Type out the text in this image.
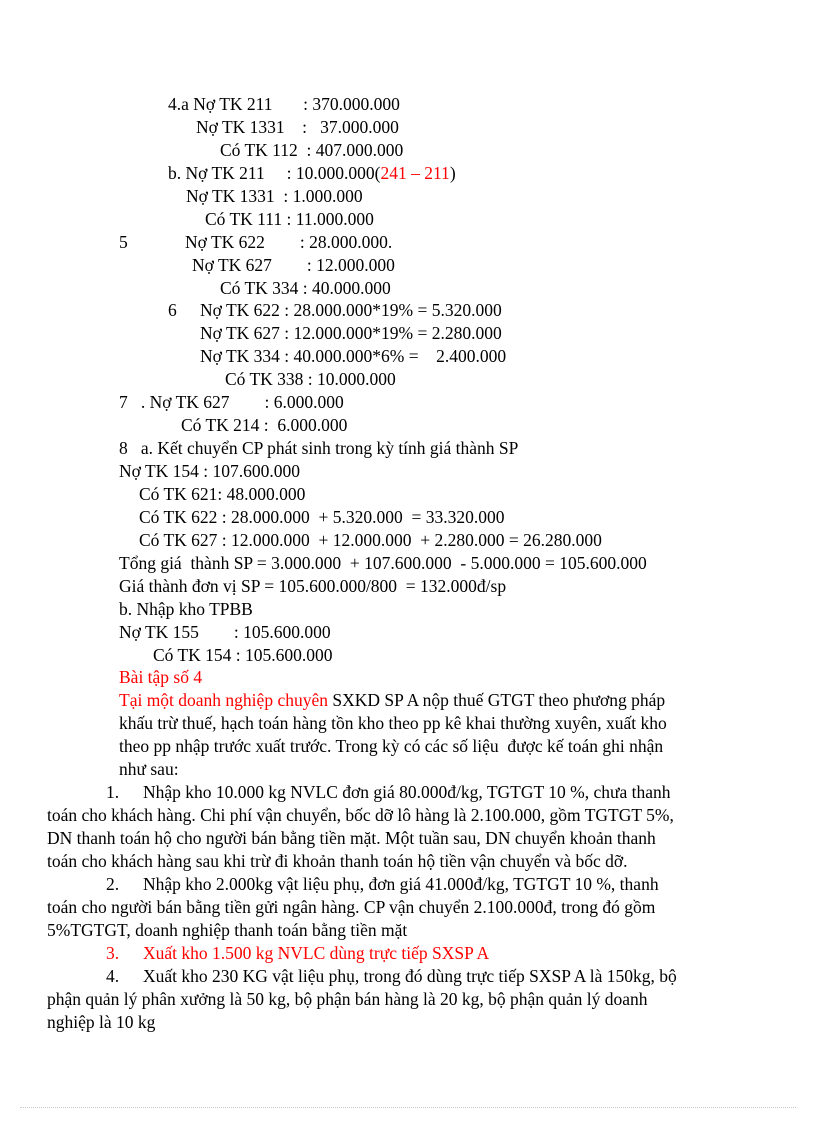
4.a Nợ TK 211       : 370.000.000
Nợ TK 1331    :   37.000.000
Có TK 112  : 407.000.000
b. Nợ TK 211     : 10.000.000(241 – 211)
Nợ TK 1331  : 1.000.000
Có TK 111 : 11.000.000
5	Nợ TK 622        : 28.000.000.
Nợ TK 627        : 12.000.000
Có TK 334 : 40.000.000
6 Nợ TK 622 : 28.000.000*19% = 5.320.000
Nợ TK 627 : 12.000.000*19% = 2.280.000
Nợ TK 334 : 40.000.000*6% =    2.400.000
Có TK 338 : 10.000.000
7   . Nợ TK 627        : 6.000.000
Có TK 214 :  6.000.000
8   a. Kết chuyển CP phát sinh trong kỳ tính giá thành SP
Nợ TK 154 : 107.600.000
Có TK 621: 48.000.000
Có TK 622 : 28.000.000  + 5.320.000  = 33.320.000
Có TK 627 : 12.000.000  + 12.000.000  + 2.280.000 = 26.280.000
Tổng giá  thành SP = 3.000.000  + 107.600.000  - 5.000.000 = 105.600.000
Giá thành đơn vị SP = 105.600.000/800  = 132.000đ/sp
b. Nhập kho TPBB
Nợ TK 155        : 105.600.000
Có TK 154 : 105.600.000
Bài tập số 4
Tại một doanh nghiệp chuyên SXKD SP A nộp thuế GTGT theo phương pháp
khấu trừ thuế, hạch toán hàng tồn kho theo pp kê khai thường xuyên, xuất kho
theo pp nhập trước xuất trước. Trong kỳ có các số liệu  được kế toán ghi nhận
như sau:
1. Nhập kho 10.000 kg NVLC đơn giá 80.000đ/kg, TGTGT 10 %, chưa thanh
toán cho khách hàng. Chi phí vận chuyển, bốc dỡ lô hàng là 2.100.000, gồm TGTGT 5%,
DN thanh toán hộ cho người bán bằng tiền mặt. Một tuần sau, DN chuyển khoản thanh
toán cho khách hàng sau khi trừ đi khoản thanh toán hộ tiền vận chuyển và bốc dỡ.
2. Nhập kho 2.000kg vật liệu phụ, đơn giá 41.000đ/kg, TGTGT 10 %, thanh
toán cho người bán bằng tiền gửi ngân hàng. CP vận chuyển 2.100.000đ, trong đó gồm
5%TGTGT, doanh nghiệp thanh toán bằng tiền mặt
3. Xuất kho 1.500 kg NVLC dùng trực tiếp SXSP A
4. Xuất kho 230 KG vật liệu phụ, trong đó dùng trực tiếp SXSP A là 150kg, bộ
phận quản lý phân xưởng là 50 kg, bộ phận bán hàng là 20 kg, bộ phận quản lý doanh
nghiệp là 10 kg
